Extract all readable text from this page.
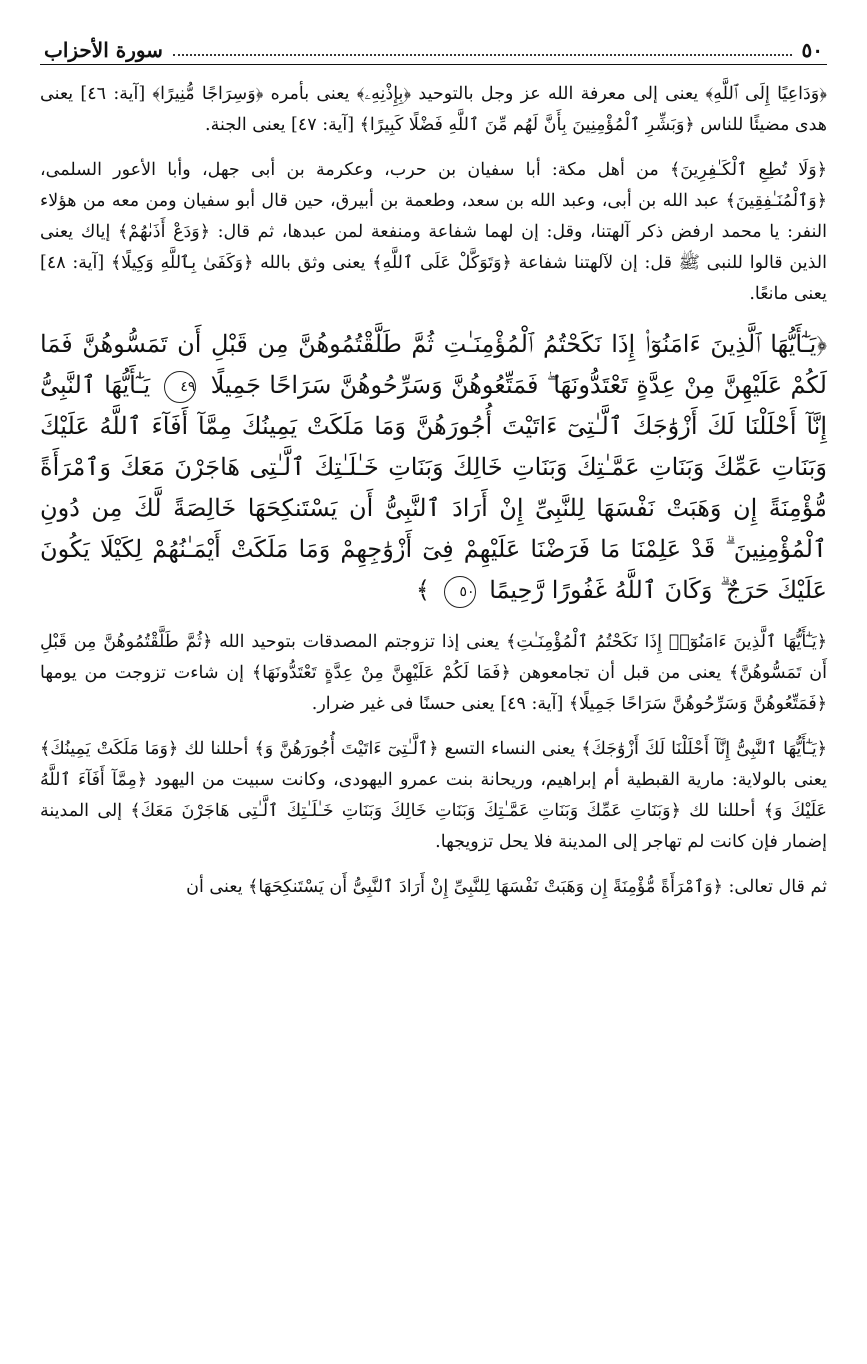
٥٠
سورة الأحزاب

﴿وَدَاعِيًا إِلَى ٱللَّهِ﴾ يعنى إلى معرفة الله عز وجل بالتوحيد ﴿بِإِذْنِهِۦ﴾ يعنى بأمره ﴿وَسِرَاجًا مُّنِيرًا﴾ [آية: ٤٦] يعنى هدى مضيئًا للناس ﴿وَبَشِّرِ ٱلْمُؤْمِنِينَ بِأَنَّ لَهُم مِّنَ ٱللَّهِ فَضْلًا كَبِيرًا﴾ [آية: ٤٧] يعنى الجنة.

﴿وَلَا تُطِعِ ٱلْكَـٰفِرِينَ﴾ من أهل مكة: أبا سفيان بن حرب، وعكرمة بن أبى جهل، وأبا الأعور السلمى، ﴿وَٱلْمُنَـٰفِقِينَ﴾ عبد الله بن أبى، وعبد الله بن سعد، وطعمة بن أبيرق، حين قال أبو سفيان ومن معه من هؤلاء النفر: يا محمد ارفض ذكر آلهتنا، وقل: إن لهما شفاعة ومنفعة لمن عبدها، ثم قال: ﴿وَدَعْ أَذَىٰهُمْ﴾ إياك يعنى الذين قالوا للنبى ﷺ قل: إن لآلهتنا شفاعة ﴿وَتَوَكَّلْ عَلَى ٱللَّهِ﴾ يعنى وثق بالله ﴿وَكَفَىٰ بِٱللَّهِ وَكِيلًا﴾ [آية: ٤٨] يعنى مانعًا.

﴿يَـٰٓأَيُّهَا ٱلَّذِينَ ءَامَنُوٓا۟ إِذَا نَكَحْتُمُ ٱلْمُؤْمِنَـٰتِ ثُمَّ طَلَّقْتُمُوهُنَّ مِن قَبْلِ أَن تَمَسُّوهُنَّ فَمَا لَكُمْ عَلَيْهِنَّ مِنْ عِدَّةٍ تَعْتَدُّونَهَا ۖ فَمَتِّعُوهُنَّ وَسَرِّحُوهُنَّ سَرَاحًا جَمِيلًا ٤٩ يَـٰٓأَيُّهَا ٱلنَّبِىُّ إِنَّآ أَحْلَلْنَا لَكَ أَزْوَٰجَكَ ٱلَّـٰتِىٓ ءَاتَيْتَ أُجُورَهُنَّ وَمَا مَلَكَتْ يَمِينُكَ مِمَّآ أَفَآءَ ٱللَّهُ عَلَيْكَ وَبَنَاتِ عَمِّكَ وَبَنَاتِ عَمَّـٰتِكَ وَبَنَاتِ خَالِكَ وَبَنَاتِ خَـٰلَـٰتِكَ ٱلَّـٰتِى هَاجَرْنَ مَعَكَ وَٱمْرَأَةً مُّؤْمِنَةً إِن وَهَبَتْ نَفْسَهَا لِلنَّبِىِّ إِنْ أَرَادَ ٱلنَّبِىُّ أَن يَسْتَنكِحَهَا خَالِصَةً لَّكَ مِن دُونِ ٱلْمُؤْمِنِينَ ۗ قَدْ عَلِمْنَا مَا فَرَضْنَا عَلَيْهِمْ فِىٓ أَزْوَٰجِهِمْ وَمَا مَلَكَتْ أَيْمَـٰنُهُمْ لِكَيْلَا يَكُونَ عَلَيْكَ حَرَجٌ ۗ وَكَانَ ٱللَّهُ غَفُورًا رَّحِيمًا ٥٠ ﴾

﴿يَـٰٓأَيُّهَا ٱلَّذِينَ ءَامَنُوٓا۟ إِذَا نَكَحْتُمُ ٱلْمُؤْمِنَـٰتِ﴾ يعنى إذا تزوجتم المصدقات بتوحيد الله ﴿ثُمَّ طَلَّقْتُمُوهُنَّ مِن قَبْلِ أَن تَمَسُّوهُنَّ﴾ يعنى من قبل أن تجامعوهن ﴿فَمَا لَكُمْ عَلَيْهِنَّ مِنْ عِدَّةٍ تَعْتَدُّونَهَا﴾ إن شاءت تزوجت من يومها ﴿فَمَتِّعُوهُنَّ وَسَرِّحُوهُنَّ سَرَاحًا جَمِيلًا﴾ [آية: ٤٩] يعنى حسنًا فى غير ضرار.

﴿يَـٰٓأَيُّهَا ٱلنَّبِىُّ إِنَّآ أَحْلَلْنَا لَكَ أَزْوَٰجَكَ﴾ يعنى النساء التسع ﴿ٱلَّـٰتِىٓ ءَاتَيْتَ أُجُورَهُنَّ وَ﴾ أحللنا لك ﴿وَمَا مَلَكَتْ يَمِينُكَ﴾ يعنى بالولاية: مارية القبطية أم إبراهيم، وريحانة بنت عمرو اليهودى، وكانت سبيت من اليهود ﴿مِمَّآ أَفَآءَ ٱللَّهُ عَلَيْكَ وَ﴾ أحللنا لك ﴿وَبَنَاتِ عَمِّكَ وَبَنَاتِ عَمَّـٰتِكَ وَبَنَاتِ خَالِكَ وَبَنَاتِ خَـٰلَـٰتِكَ ٱلَّـٰتِى هَاجَرْنَ مَعَكَ﴾ إلى المدينة إضمار فإن كانت لم تهاجر إلى المدينة فلا يحل تزويجها.

ثم قال تعالى: ﴿وَٱمْرَأَةً مُّؤْمِنَةً إِن وَهَبَتْ نَفْسَهَا لِلنَّبِىِّ إِنْ أَرَادَ ٱلنَّبِىُّ أَن يَسْتَنكِحَهَا﴾ يعنى أن
